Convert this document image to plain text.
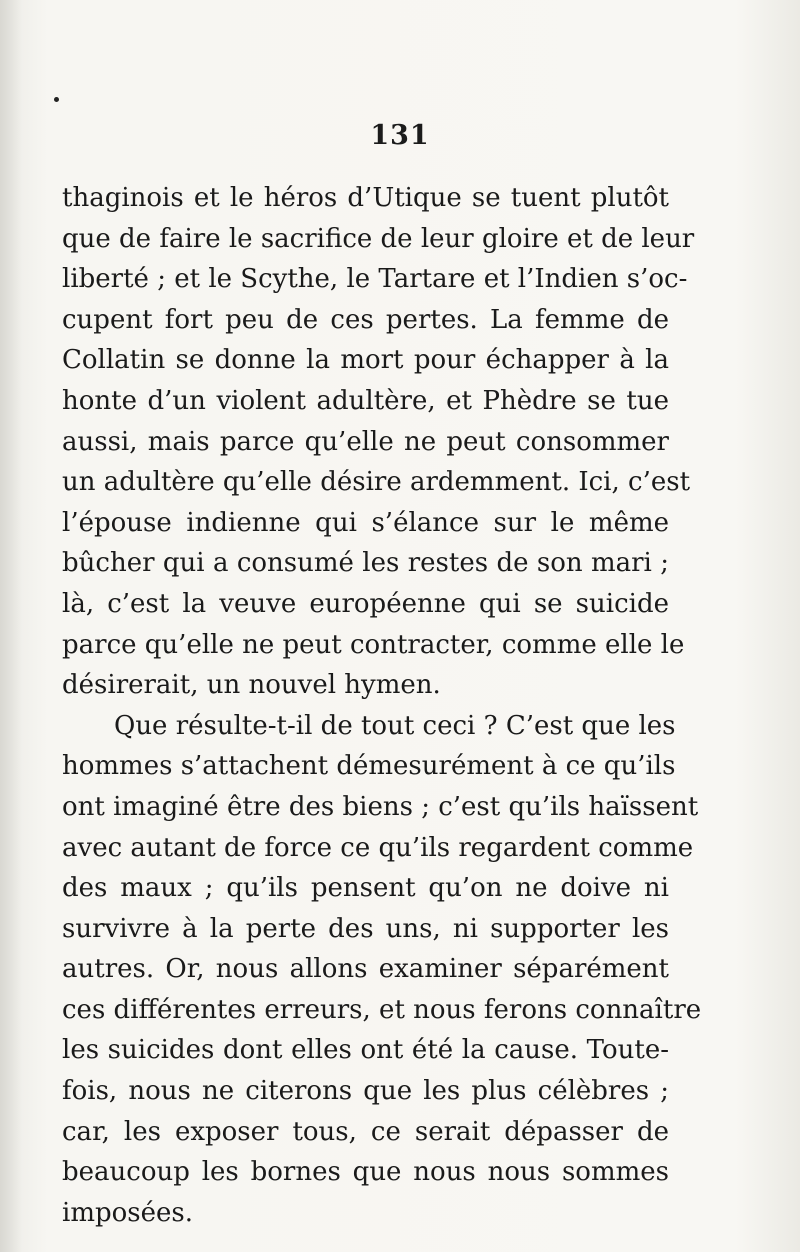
131
thaginois et le héros d’Utique se tuent plutôt
que de faire le sacrifice de leur gloire et de leur
liberté ; et le Scythe, le Tartare et l’Indien s’oc-
cupent fort peu de ces pertes. La femme de
Collatin se donne la mort pour échapper à la
honte d’un violent adultère, et Phèdre se tue
aussi, mais parce qu’elle ne peut consommer
un adultère qu’elle désire ardemment. Ici, c’est
l’épouse indienne qui s’élance sur le même
bûcher qui a consumé les restes de son mari ;
là, c’est la veuve européenne qui se suicide
parce qu’elle ne peut contracter, comme elle le
désirerait, un nouvel hymen.
Que résulte-t-il de tout ceci ? C’est que les
hommes s’attachent démesurément à ce qu’ils
ont imaginé être des biens ; c’est qu’ils haïssent
avec autant de force ce qu’ils regardent comme
des maux ; qu’ils pensent qu’on ne doive ni
survivre à la perte des uns, ni supporter les
autres. Or, nous allons examiner séparément
ces différentes erreurs, et nous ferons connaître
les suicides dont elles ont été la cause. Toute-
fois, nous ne citerons que les plus célèbres ;
car, les exposer tous, ce serait dépasser de
beaucoup les bornes que nous nous sommes
imposées.
